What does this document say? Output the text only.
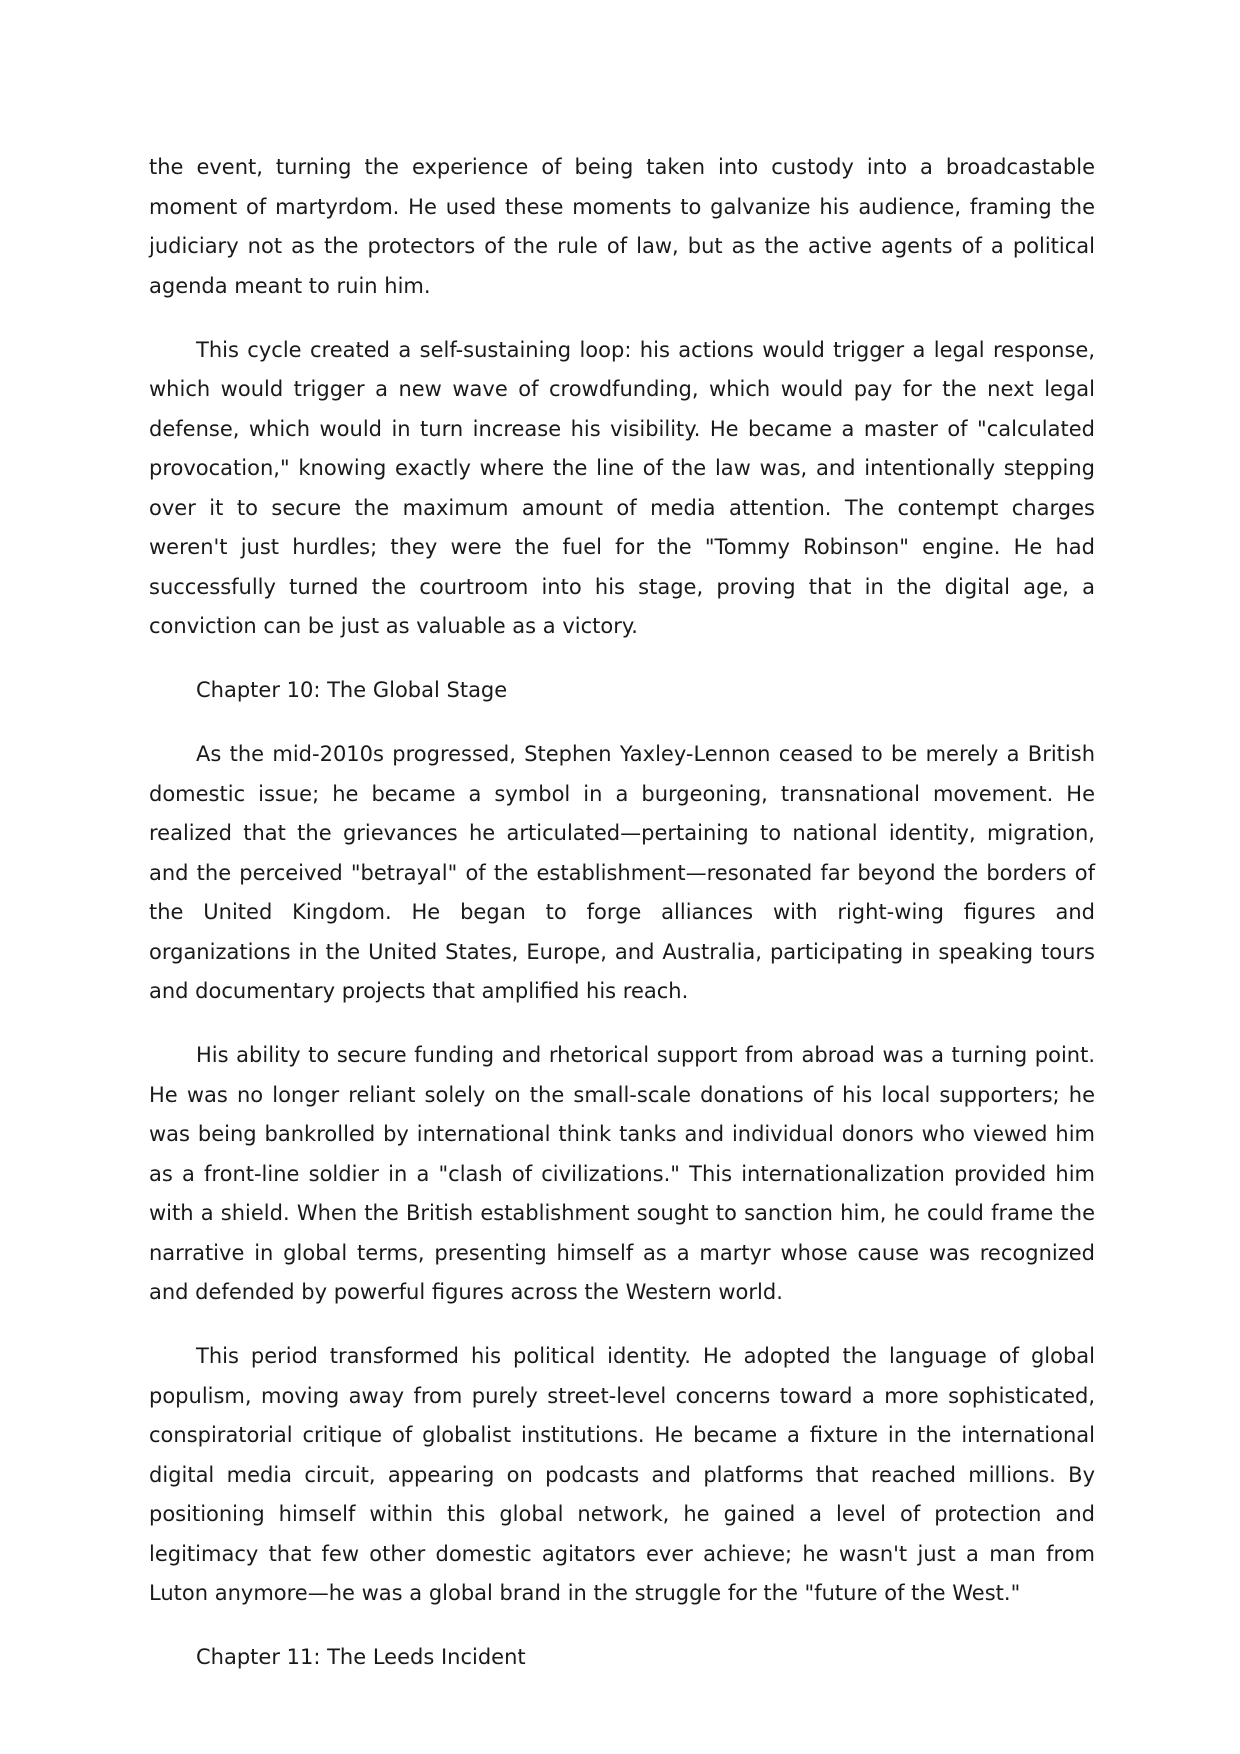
the event, turning the experience of being taken into custody into a broadcastable moment of martyrdom. He used these moments to galvanize his audience, framing the judiciary not as the protectors of the rule of law, but as the active agents of a political agenda meant to ruin him.

This cycle created a self-sustaining loop: his actions would trigger a legal response, which would trigger a new wave of crowdfunding, which would pay for the next legal defense, which would in turn increase his visibility. He became a master of "calculated provocation," knowing exactly where the line of the law was, and intentionally stepping over it to secure the maximum amount of media attention. The contempt charges weren't just hurdles; they were the fuel for the "Tommy Robinson" engine. He had successfully turned the courtroom into his stage, proving that in the digital age, a conviction can be just as valuable as a victory.

Chapter 10: The Global Stage

As the mid-2010s progressed, Stephen Yaxley-Lennon ceased to be merely a British domestic issue; he became a symbol in a burgeoning, transnational movement. He realized that the grievances he articulated—pertaining to national identity, migration, and the perceived "betrayal" of the establishment—resonated far beyond the borders of the United Kingdom. He began to forge alliances with right-wing figures and organizations in the United States, Europe, and Australia, participating in speaking tours and documentary projects that amplified his reach.

His ability to secure funding and rhetorical support from abroad was a turning point. He was no longer reliant solely on the small-scale donations of his local supporters; he was being bankrolled by international think tanks and individual donors who viewed him as a front-line soldier in a "clash of civilizations." This internationalization provided him with a shield. When the British establishment sought to sanction him, he could frame the narrative in global terms, presenting himself as a martyr whose cause was recognized and defended by powerful figures across the Western world.

This period transformed his political identity. He adopted the language of global populism, moving away from purely street-level concerns toward a more sophisticated, conspiratorial critique of globalist institutions. He became a fixture in the international digital media circuit, appearing on podcasts and platforms that reached millions. By positioning himself within this global network, he gained a level of protection and legitimacy that few other domestic agitators ever achieve; he wasn't just a man from Luton anymore—he was a global brand in the struggle for the "future of the West."

Chapter 11: The Leeds Incident
